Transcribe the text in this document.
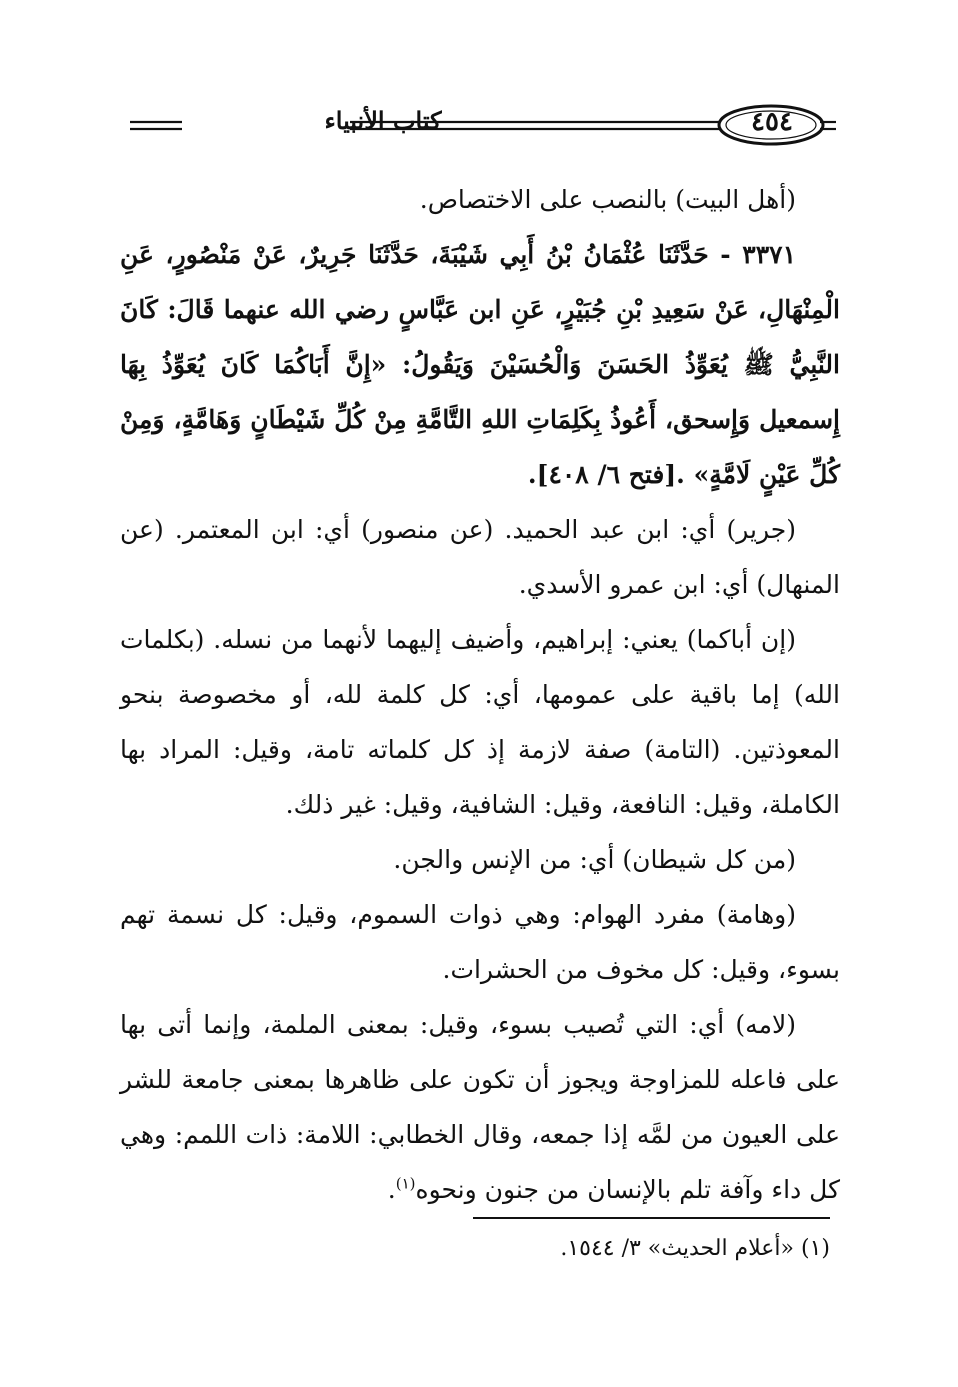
كتاب الأنبياء	٤٥٤

(أهل البيت) بالنصب على الاختصاص.

٣٣٧١ - حَدَّثَنَا عُثْمَانُ بْنُ أَبِي شَيْبَةَ، حَدَّثَنَا جَرِيرٌ، عَنْ مَنْصُورٍ، عَنِ الْمِنْهَالِ، عَنْ سَعِيدِ بْنِ جُبَيْرٍ، عَنِ ابن عَبَّاسٍ رضي الله عنهما قَالَ: كَانَ النَّبِيُّ ﷺ يُعَوِّذُ الحَسَنَ وَالْحُسَيْنَ وَيَقُولُ: «إِنَّ أَبَاكُمَا كَانَ يُعَوِّذُ بِهَا إِسمعيل وَإِسحق، أَعُوذُ بِكَلِمَاتِ اللهِ التَّامَّةِ مِنْ كُلِّ شَيْطَانٍ وَهَامَّةٍ، وَمِنْ كُلِّ عَيْنٍ لَامَّةٍ» .[فتح ٦/ ٤٠٨].

(جرير) أي: ابن عبد الحميد. (عن منصور) أي: ابن المعتمر. (عن المنهال) أي: ابن عمرو الأسدي.

(إن أباكما) يعني: إبراهيم، وأضيف إليهما لأنهما من نسله. (بكلمات الله) إما باقية على عمومها، أي: كل كلمة لله، أو مخصوصة بنحو المعوذتين. (التامة) صفة لازمة إذ كل كلماته تامة، وقيل: المراد بها الكاملة، وقيل: النافعة، وقيل: الشافية، وقيل: غير ذلك.

(من كل شيطان) أي: من الإنس والجن.

(وهامة) مفرد الهوام: وهي ذوات السموم، وقيل: كل نسمة تهم بسوء، وقيل: كل مخوف من الحشرات.

(لامه) أي: التي تُصيب بسوء، وقيل: بمعنى الملمة، وإنما أتى بها على فاعله للمزاوجة ويجوز أن تكون على ظاهرها بمعنى جامعة للشر على العيون من لمَّه إذا جمعه، وقال الخطابي: اللامة: ذات اللمم: وهي كل داء وآفة تلم بالإنسان من جنون ونحوه$^{(١)}$.

(١) «أعلام الحديث» ٣/ ١٥٤٤.
